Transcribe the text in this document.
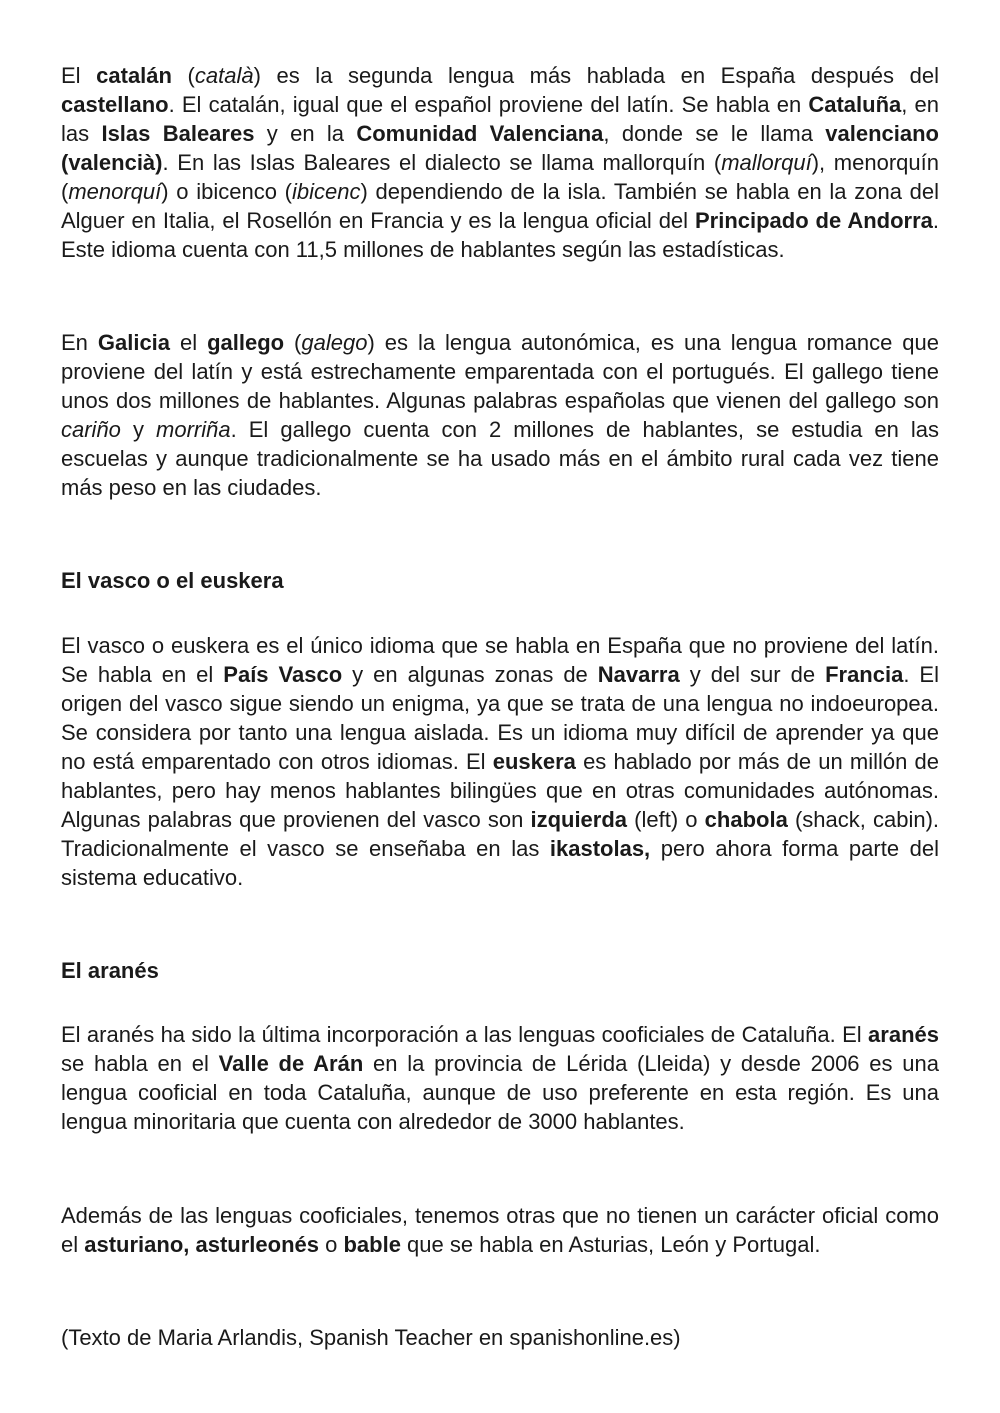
El catalán (català) es la segunda lengua más hablada en España después del castellano. El catalán, igual que el español proviene del latín. Se habla en Cataluña, en las Islas Baleares y en la Comunidad Valenciana, donde se le llama valenciano (valencià). En las Islas Baleares el dialecto se llama mallorquín (mallorquí), menorquín (menorquí) o ibicenco (ibicenc) dependiendo de la isla. También se habla en la zona del Alguer en Italia, el Rosellón en Francia y es la lengua oficial del Principado de Andorra. Este idioma cuenta con 11,5 millones de hablantes según las estadísticas.

En Galicia el gallego (galego) es la lengua autonómica, es una lengua romance que proviene del latín y está estrechamente emparentada con el portugués. El gallego tiene unos dos millones de hablantes. Algunas palabras españolas que vienen del gallego son cariño y morriña. El gallego cuenta con 2 millones de hablantes, se estudia en las escuelas y aunque tradicionalmente se ha usado más en el ámbito rural cada vez tiene más peso en las ciudades.

El vasco o el euskera

El vasco o euskera es el único idioma que se habla en España que no proviene del latín. Se habla en el País Vasco y en algunas zonas de Navarra y del sur de Francia. El origen del vasco sigue siendo un enigma, ya que se trata de una lengua no indoeuropea. Se considera por tanto una lengua aislada. Es un idioma muy difícil de aprender ya que no está emparentado con otros idiomas. El euskera es hablado por más de un millón de hablantes, pero hay menos hablantes bilingües que en otras comunidades autónomas. Algunas palabras que provienen del vasco son izquierda (left) o chabola (shack, cabin). Tradicionalmente el vasco se enseñaba en las ikastolas, pero ahora forma parte del sistema educativo.

El aranés

El aranés ha sido la última incorporación a las lenguas cooficiales de Cataluña. El aranés se habla en el Valle de Arán en la provincia de Lérida (Lleida) y desde 2006 es una lengua cooficial en toda Cataluña, aunque de uso preferente en esta región. Es una lengua minoritaria que cuenta con alrededor de 3000 hablantes.

Además de las lenguas cooficiales, tenemos otras que no tienen un carácter oficial como el asturiano, asturleonés o bable que se habla en Asturias, León y Portugal.

(Texto de Maria Arlandis, Spanish Teacher en spanishonline.es)
